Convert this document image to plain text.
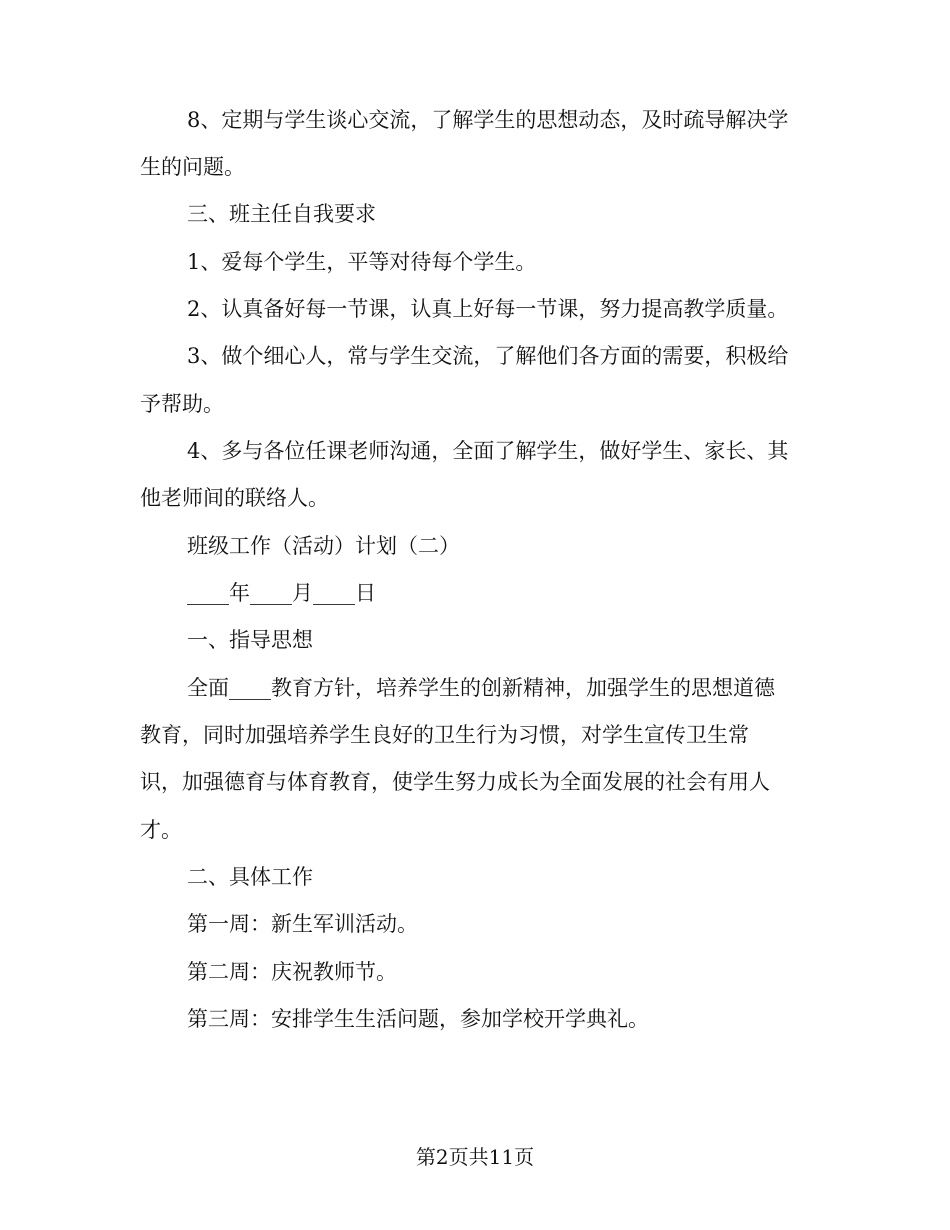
8、定期与学生谈心交流，了解学生的思想动态，及时疏导解决学
生的问题。
三、班主任自我要求
1、爱每个学生，平等对待每个学生。
2、认真备好每一节课，认真上好每一节课，努力提高教学质量。
3、做个细心人，常与学生交流，了解他们各方面的需要，积极给
予帮助。
4、多与各位任课老师沟通，全面了解学生，做好学生、家长、其
他老师间的联络人。
班级工作（活动）计划（二）
____年____月____日
一、指导思想
全面____教育方针，培养学生的创新精神，加强学生的思想道德
教育，同时加强培养学生良好的卫生行为习惯，对学生宣传卫生常
识，加强德育与体育教育，使学生努力成长为全面发展的社会有用人
才。
二、具体工作
第一周：新生军训活动。
第二周：庆祝教师节。
第三周：安排学生生活问题，参加学校开学典礼。
第2页共11页
